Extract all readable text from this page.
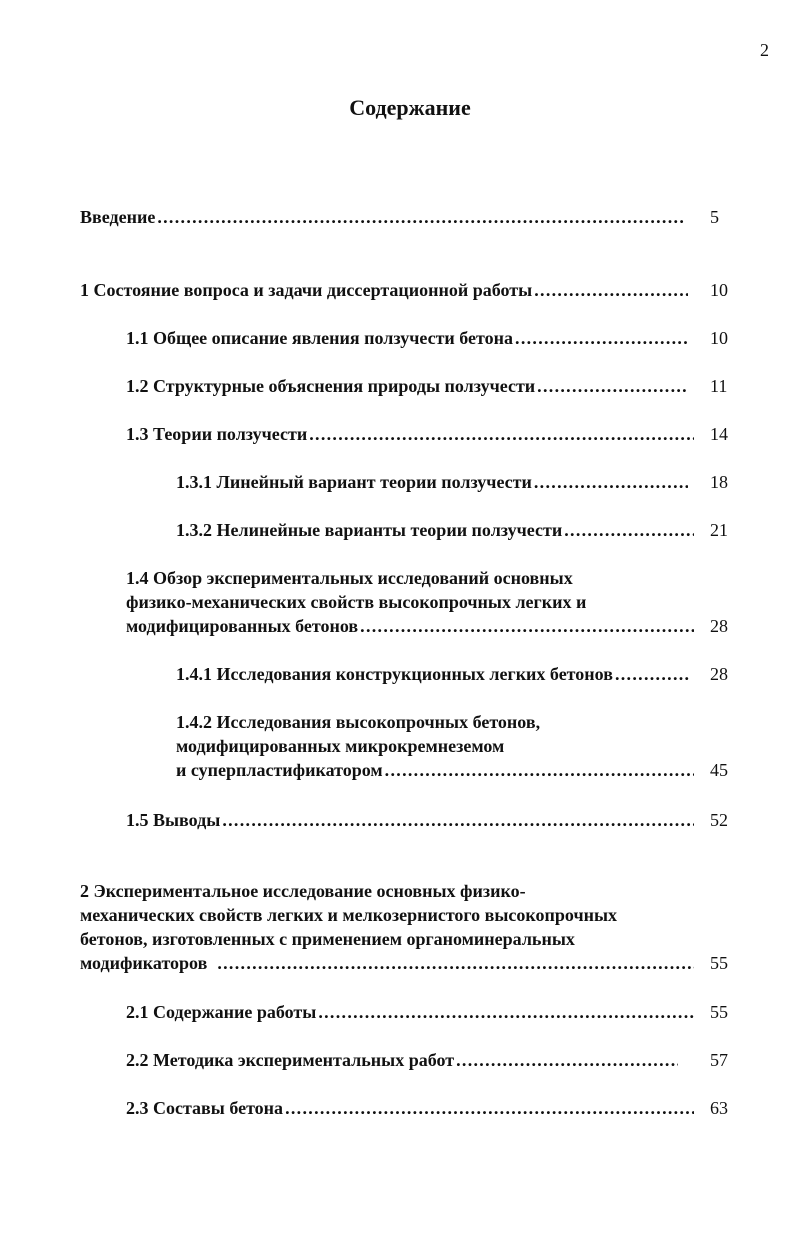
2
Содержание
Введение . . .	5
1 Состояние вопроса и задачи диссертационной работы . . .	10
1.1 Общее описание явления ползучести бетона . . .	10
1.2 Структурные объяснения природы ползучести . . .	11
1.3 Теории ползучести . . .	14
1.3.1 Линейный вариант теории ползучести . . .	18
1.3.2 Нелинейные варианты теории ползучести . . .	21
1.4 Обзор экспериментальных исследований основных
физико-механических свойств высокопрочных легких и
модифицированных бетонов . . .	28
1.4.1 Исследования конструкционных легких бетонов . . .	28
1.4.2 Исследования высокопрочных бетонов,
модифицированных микрокремнеземом
и суперпластификатором . . .	45
1.5 Выводы . . .	52
2 Экспериментальное исследование основных физико-
механических свойств легких и мелкозернистого высокопрочных
бетонов, изготовленных с применением органоминеральных
модификаторов . . .	55
2.1 Содержание работы . . .	55
2.2 Методика экспериментальных работ . . .	57
2.3 Составы бетона . . .	63
